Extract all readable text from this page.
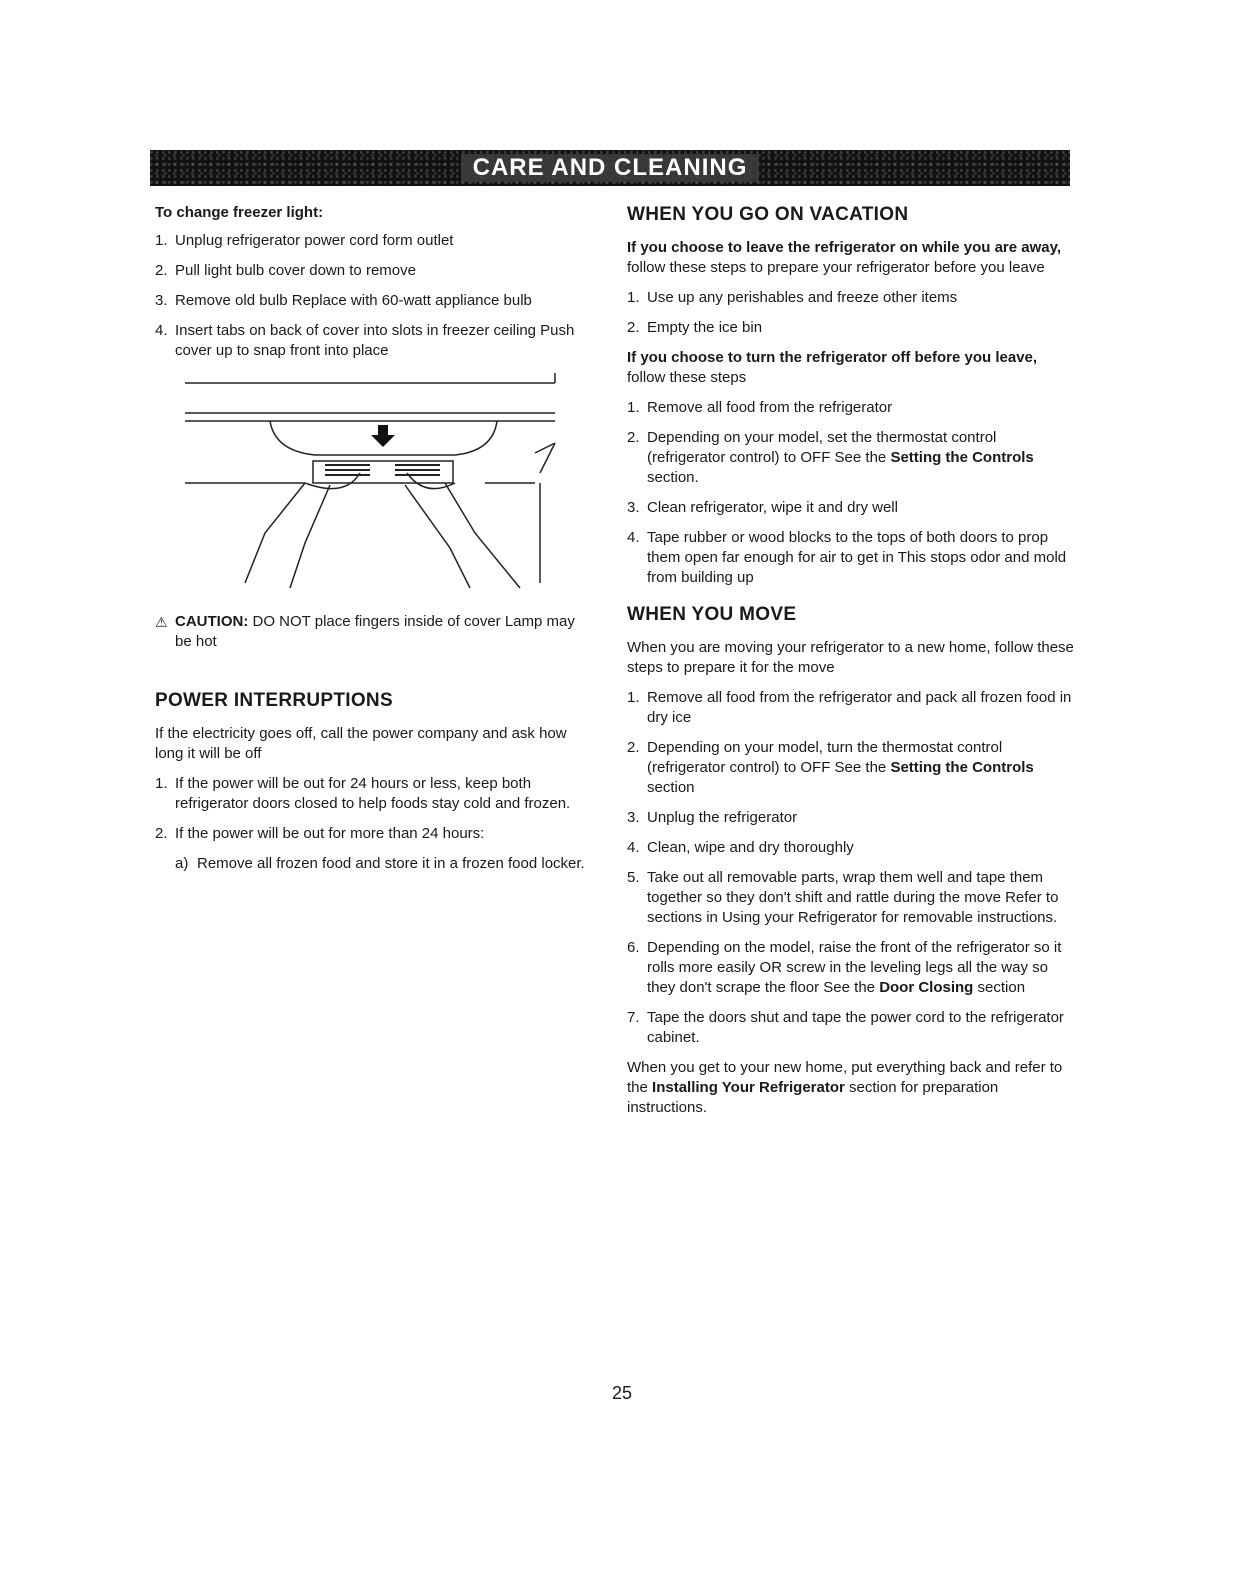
CARE AND CLEANING
To change freezer light:
1. Unplug refrigerator power cord form outlet
2. Pull light bulb cover down to remove
3. Remove old bulb Replace with 60-watt appliance bulb
4. Insert tabs on back of cover into slots in freezer ceiling Push cover up to snap front into place
⚠ CAUTION: DO NOT place fingers inside of cover Lamp may be hot
POWER INTERRUPTIONS

If the electricity goes off, call the power company and ask how long it will be off

1. If the power will be out for 24 hours or less, keep both refrigerator doors closed to help foods stay cold and frozen.
2. If the power will be out for more than 24 hours:
a) Remove all frozen food and store it in a frozen food locker.
WHEN YOU GO ON VACATION

If you choose to leave the refrigerator on while you are away, follow these steps to prepare your refrigerator before you leave

1. Use up any perishables and freeze other items
2. Empty the ice bin

If you choose to turn the refrigerator off before you leave, follow these steps

1. Remove all food from the refrigerator
2. Depending on your model, set the thermostat control (refrigerator control) to OFF See the Setting the Controls section.
3. Clean refrigerator, wipe it and dry well
4. Tape rubber or wood blocks to the tops of both doors to prop them open far enough for air to get in This stops odor and mold from building up
WHEN YOU MOVE

When you are moving your refrigerator to a new home, follow these steps to prepare it for the move

1. Remove all food from the refrigerator and pack all frozen food in dry ice
2. Depending on your model, turn the thermostat control (refrigerator control) to OFF See the Setting the Controls section
3. Unplug the refrigerator
4. Clean, wipe and dry thoroughly
5. Take out all removable parts, wrap them well and tape them together so they don't shift and rattle during the move Refer to sections in Using your Refrigerator for removable instructions.
6. Depending on the model, raise the front of the refrigerator so it rolls more easily OR screw in the leveling legs all the way so they don't scrape the floor See the Door Closing section
7. Tape the doors shut and tape the power cord to the refrigerator cabinet.

When you get to your new home, put everything back and refer to the Installing Your Refrigerator section for preparation instructions.

25
